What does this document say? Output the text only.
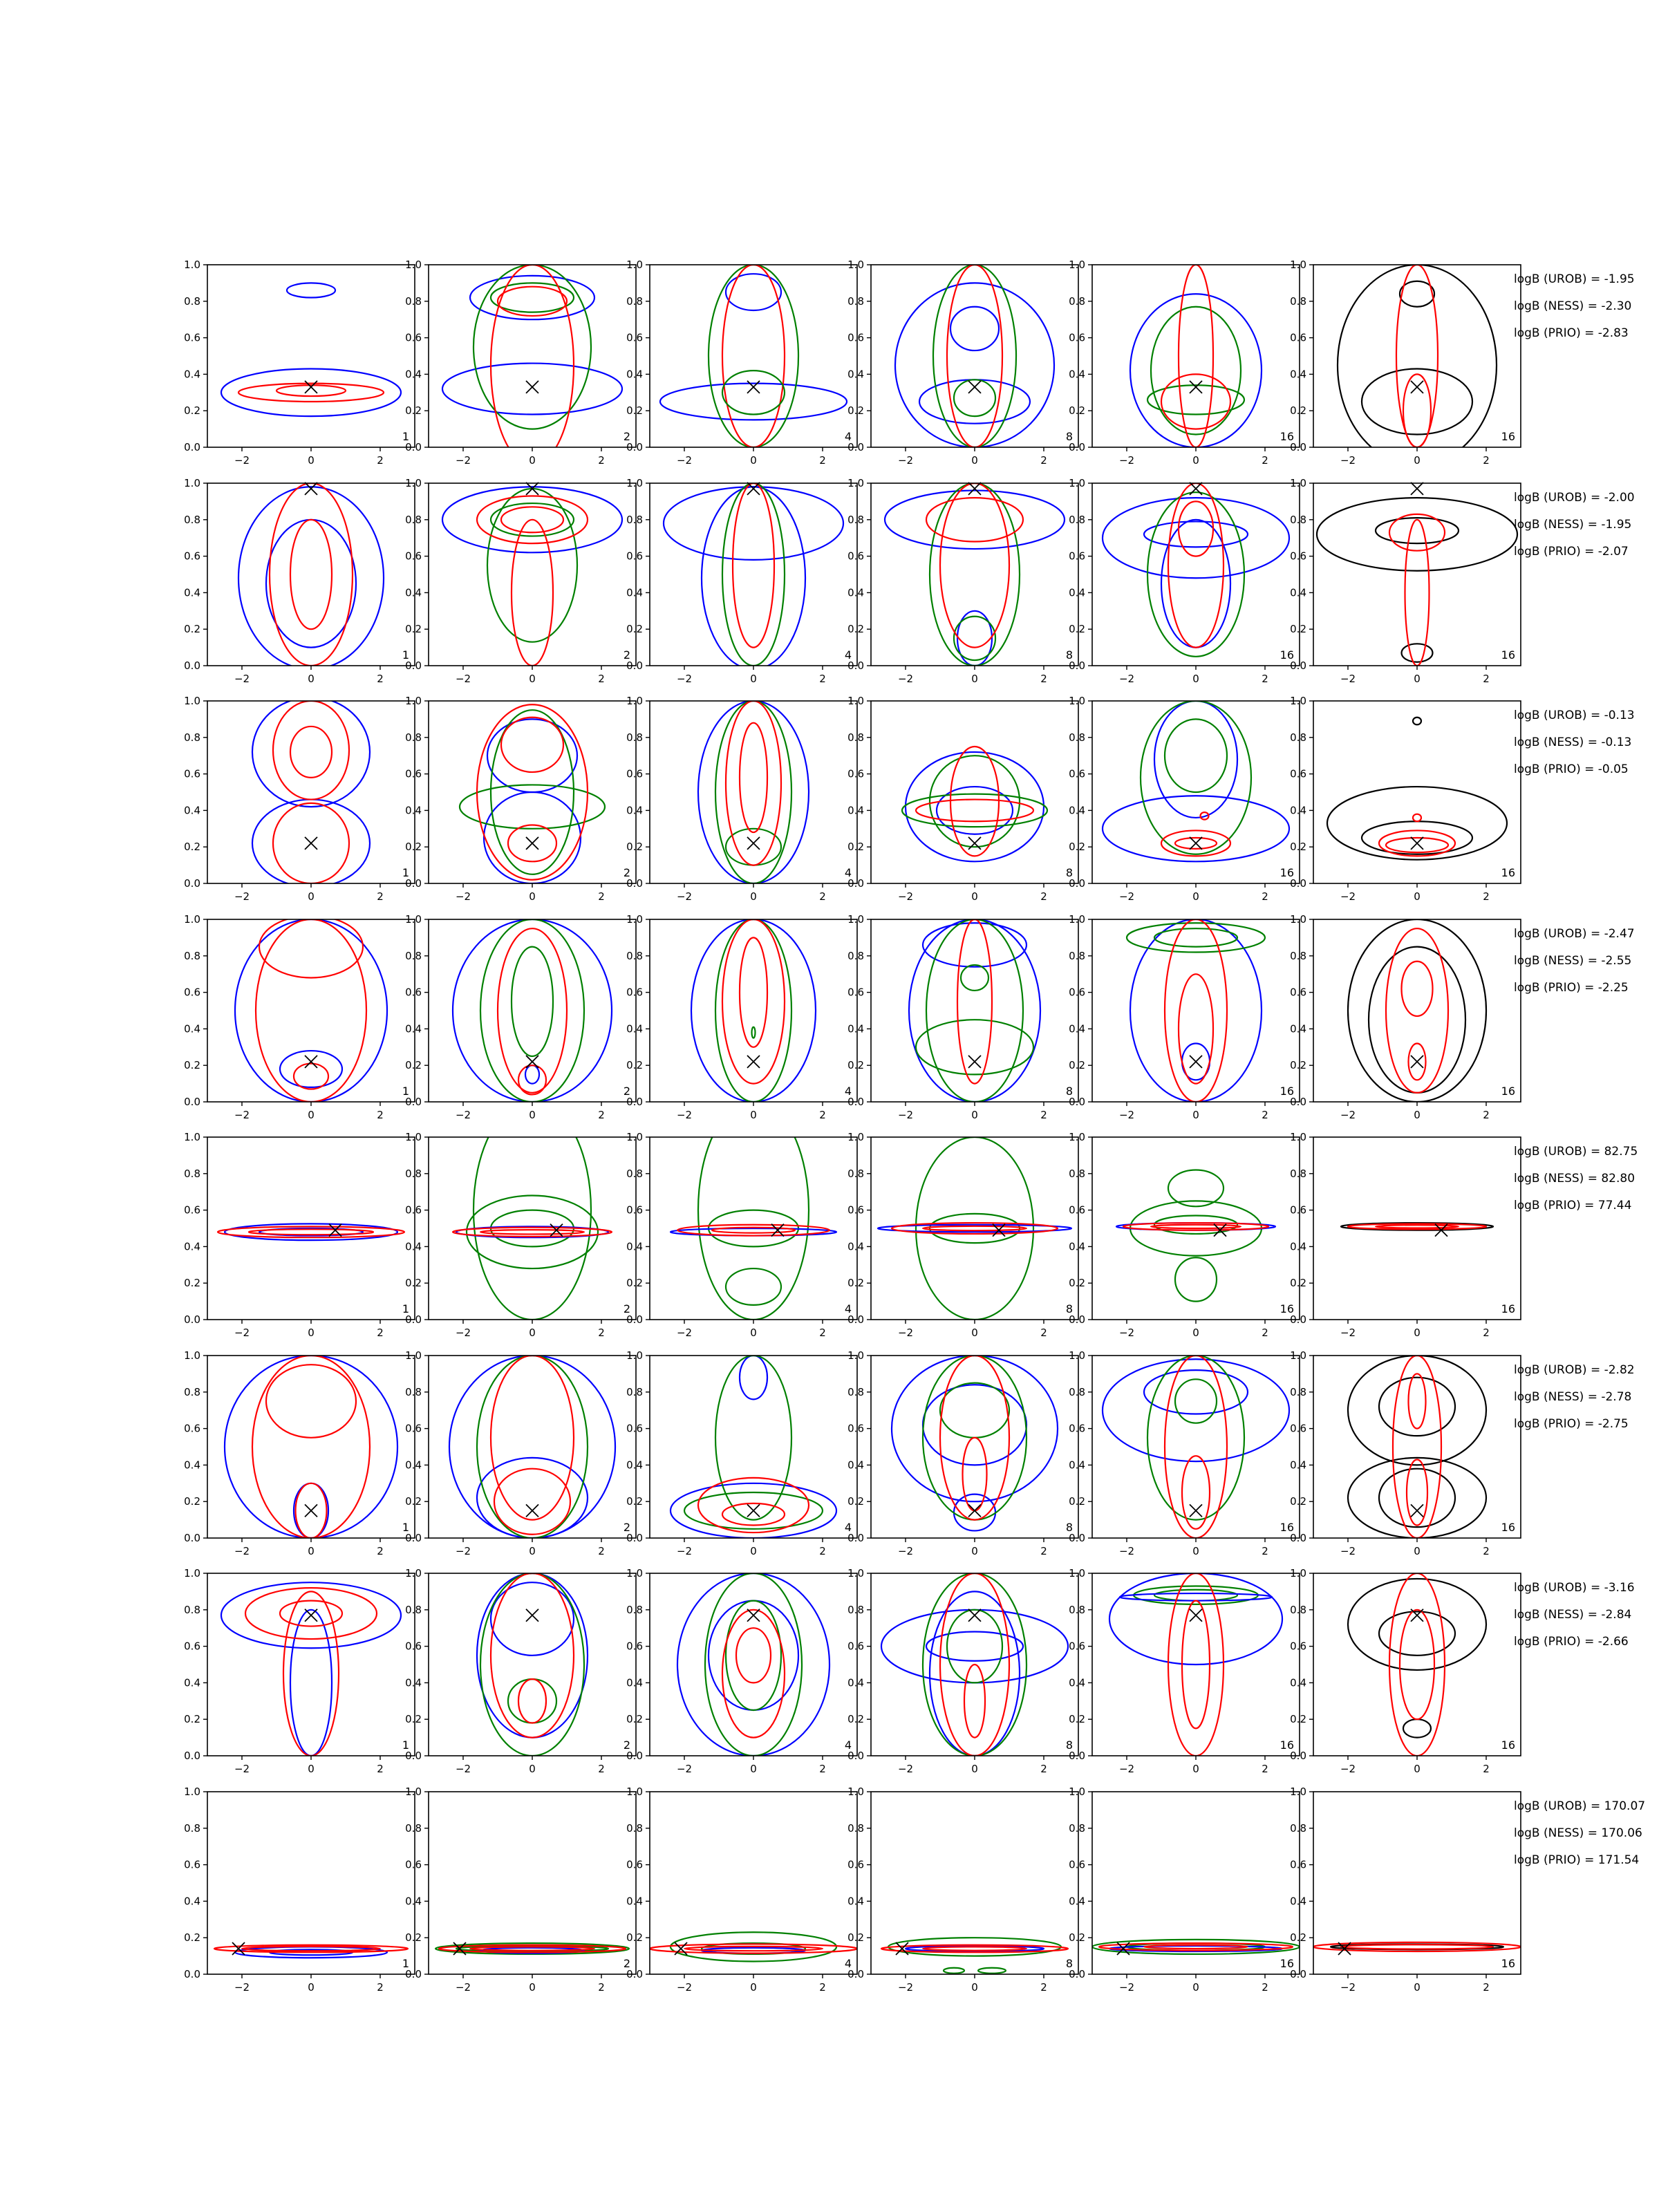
0.0
0.2
0.4
0.6
0.8
1.0
−2	0	2
1
0.0
0.2
0.4
0.6
0.8
1.0
−2	0	2
2
0.0
0.2
0.4
0.6
0.8
1.0
−2	0	2
4
0.0
0.2
0.4
0.6
0.8
1.0
−2	0	2
8
0.0
0.2
0.4
0.6
0.8
1.0
−2	0	2
16
0.0
0.2
0.4
0.6
0.8
1.0
−2	0	2
16
logB (UROB) = -1.95
logB (NESS) = -2.30
logB (PRIO) = -2.83
0.0
0.2
0.4
0.6
0.8
1.0
−2	0	2
1
0.0
0.2
0.4
0.6
0.8
1.0
−2	0	2
2
0.0
0.2
0.4
0.6
0.8
1.0
−2	0	2
4
0.0
0.2
0.4
0.6
0.8
1.0
−2	0	2
8
0.0
0.2
0.4
0.6
0.8
1.0
−2	0	2
16
0.0
0.2
0.4
0.6
0.8
1.0
−2	0	2
16
logB (UROB) = -2.00
logB (NESS) = -1.95
logB (PRIO) = -2.07
0.0
0.2
0.4
0.6
0.8
1.0
−2	0	2
1
0.0
0.2
0.4
0.6
0.8
1.0
−2	0	2
2
0.0
0.2
0.4
0.6
0.8
1.0
−2	0	2
4
0.0
0.2
0.4
0.6
0.8
1.0
−2	0	2
8
0.0
0.2
0.4
0.6
0.8
1.0
−2	0	2
16
0.0
0.2
0.4
0.6
0.8
1.0
−2	0	2
16
logB (UROB) = -0.13
logB (NESS) = -0.13
logB (PRIO) = -0.05
0.0
0.2
0.4
0.6
0.8
1.0
−2	0	2
1
0.0
0.2
0.4
0.6
0.8
1.0
−2	0	2
2
0.0
0.2
0.4
0.6
0.8
1.0
−2	0	2
4
0.0
0.2
0.4
0.6
0.8
1.0
−2	0	2
8
0.0
0.2
0.4
0.6
0.8
1.0
−2	0	2
16
0.0
0.2
0.4
0.6
0.8
1.0
−2	0	2
16
logB (UROB) = -2.47
logB (NESS) = -2.55
logB (PRIO) = -2.25
0.0
0.2
0.4
0.6
0.8
1.0
−2	0	2
1
0.0
0.2
0.4
0.6
0.8
1.0
−2	0	2
2
0.0
0.2
0.4
0.6
0.8
1.0
−2	0	2
4
0.0
0.2
0.4
0.6
0.8
1.0
−2	0	2
8
0.0
0.2
0.4
0.6
0.8
1.0
−2	0	2
16
0.0
0.2
0.4
0.6
0.8
1.0
−2	0	2
16
logB (UROB) = 82.75
logB (NESS) = 82.80
logB (PRIO) = 77.44
0.0
0.2
0.4
0.6
0.8
1.0
−2	0	2
1
0.0
0.2
0.4
0.6
0.8
1.0
−2	0	2
2
0.0
0.2
0.4
0.6
0.8
1.0
−2	0	2
4
0.0
0.2
0.4
0.6
0.8
1.0
−2	0	2
8
0.0
0.2
0.4
0.6
0.8
1.0
−2	0	2
16
0.0
0.2
0.4
0.6
0.8
1.0
−2	0	2
16
logB (UROB) = -2.82
logB (NESS) = -2.78
logB (PRIO) = -2.75
0.0
0.2
0.4
0.6
0.8
1.0
−2	0	2
1
0.0
0.2
0.4
0.6
0.8
1.0
−2	0	2
2
0.0
0.2
0.4
0.6
0.8
1.0
−2	0	2
4
0.0
0.2
0.4
0.6
0.8
1.0
−2	0	2
8
0.0
0.2
0.4
0.6
0.8
1.0
−2	0	2
16
0.0
0.2
0.4
0.6
0.8
1.0
−2	0	2
16
logB (UROB) = -3.16
logB (NESS) = -2.84
logB (PRIO) = -2.66
0.0
0.2
0.4
0.6
0.8
1.0
−2	0	2
1
0.0
0.2
0.4
0.6
0.8
1.0
−2	0	2
2
0.0
0.2
0.4
0.6
0.8
1.0
−2	0	2
4
0.0
0.2
0.4
0.6
0.8
1.0
−2	0	2
8
0.0
0.2
0.4
0.6
0.8
1.0
−2	0	2
16
0.0
0.2
0.4
0.6
0.8
1.0
−2	0	2
16
logB (UROB) = 170.07
logB (NESS) = 170.06
logB (PRIO) = 171.54
